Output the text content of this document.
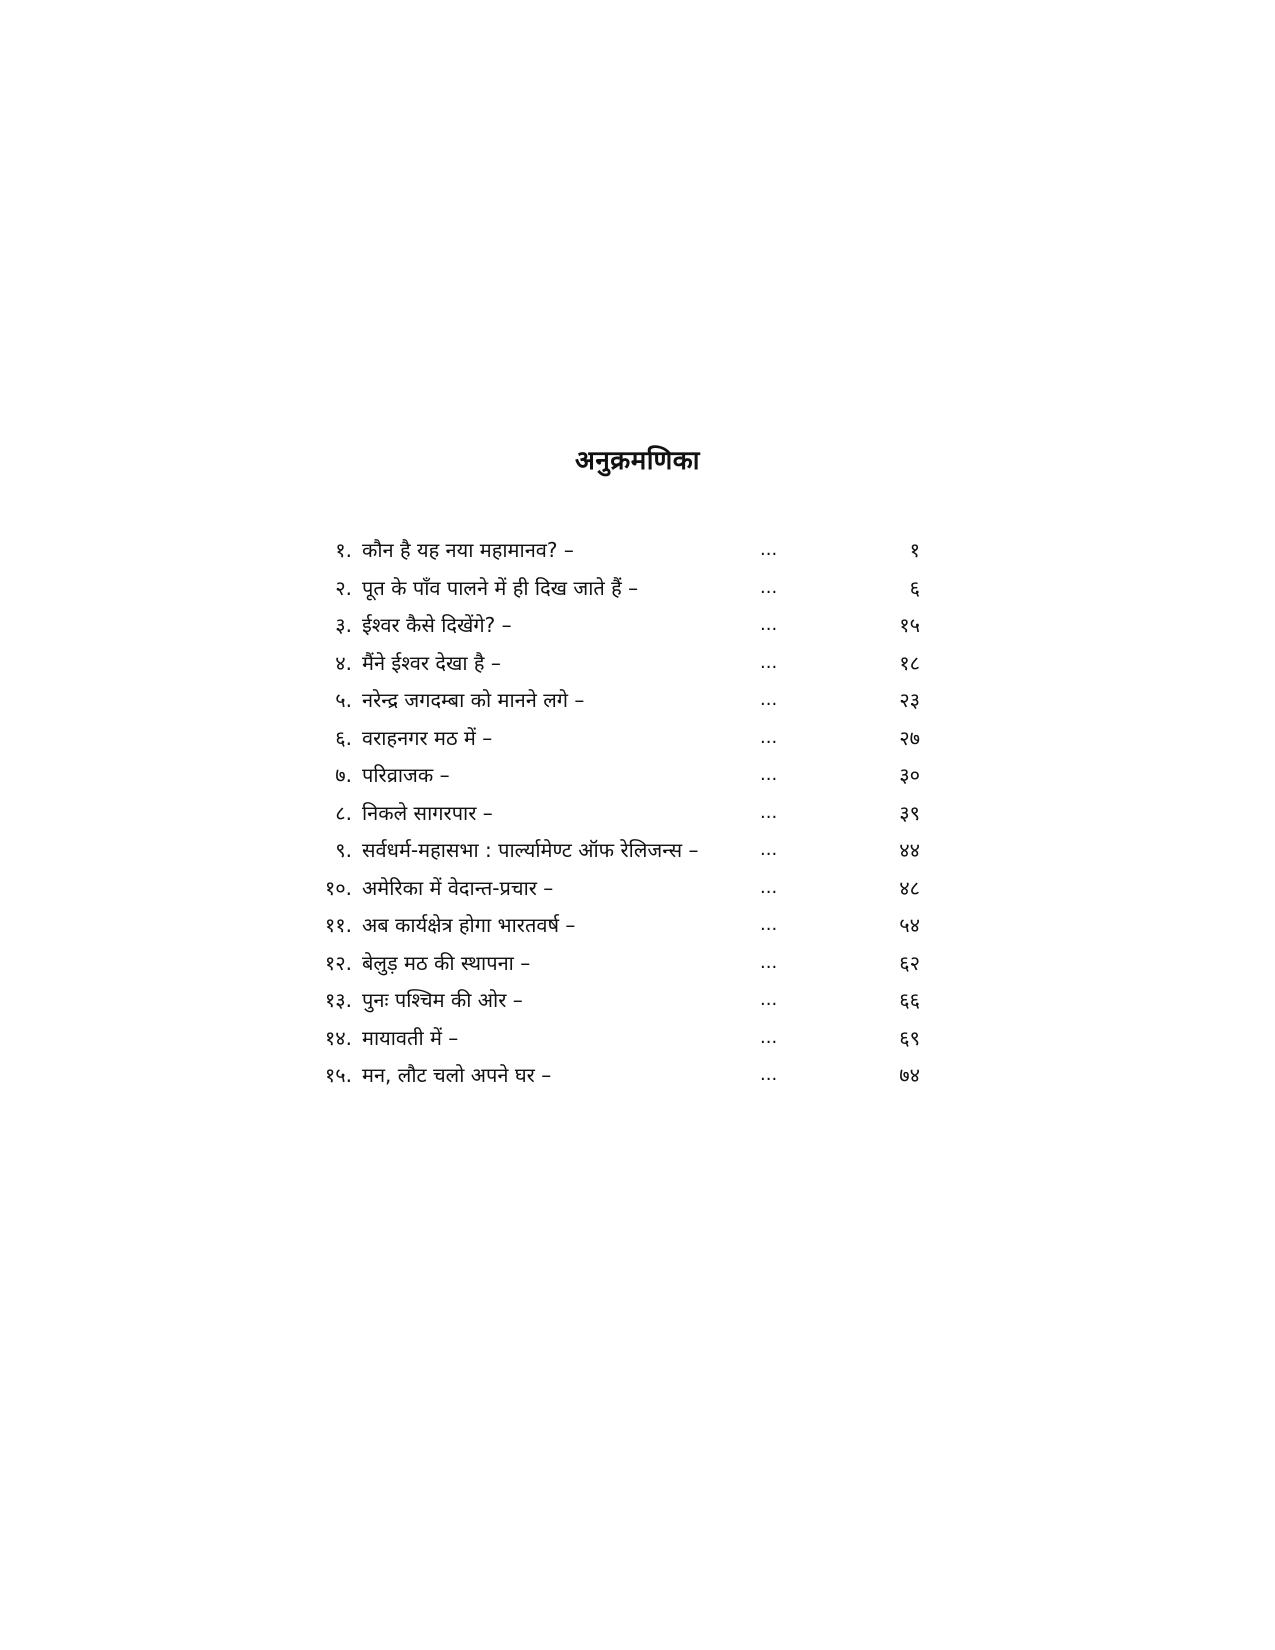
अनुक्रमणिका
१. कौन है यह नया महामानव? –	...	१
२. पूत के पाँव पालने में ही दिख जाते हैं –	...	६
३. ईश्वर कैसे दिखेंगे? –	...	१५
४. मैंने ईश्वर देखा है –	...	१८
५. नरेन्द्र जगदम्बा को मानने लगे –	...	२३
६. वराहनगर मठ में –	...	२७
७. परिव्राजक –	...	३०
८. निकले सागरपार –	...	३९
९. सर्वधर्म-महासभा : पार्ल्यामेण्ट ऑफ रेलिजन्स –	...	४४
१०. अमेरिका में वेदान्त-प्रचार –	...	४८
११. अब कार्यक्षेत्र होगा भारतवर्ष –	...	५४
१२. बेलुड़ मठ की स्थापना –	...	६२
१३. पुनः पश्चिम की ओर –	...	६६
१४. मायावती में –	...	६९
१५. मन, लौट चलो अपने घर –	...	७४
